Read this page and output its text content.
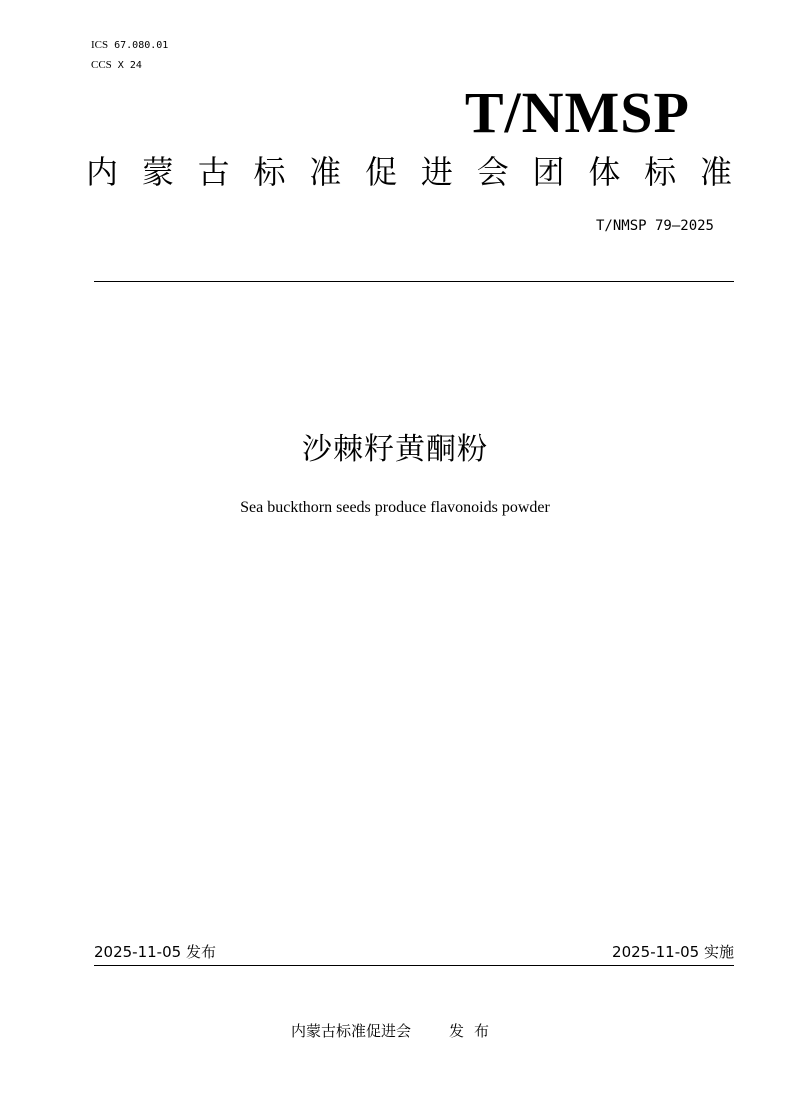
ICS 67.080.01
CCS X 24
T/NMSP
内 蒙 古 标 准 促 进 会 团 体 标 准
T/NMSP 79—2025
沙棘籽黄酮粉
Sea buckthorn seeds produce flavonoids powder
2025-11-05 发布	2025-11-05 实施
内蒙古标准促进会	发布
